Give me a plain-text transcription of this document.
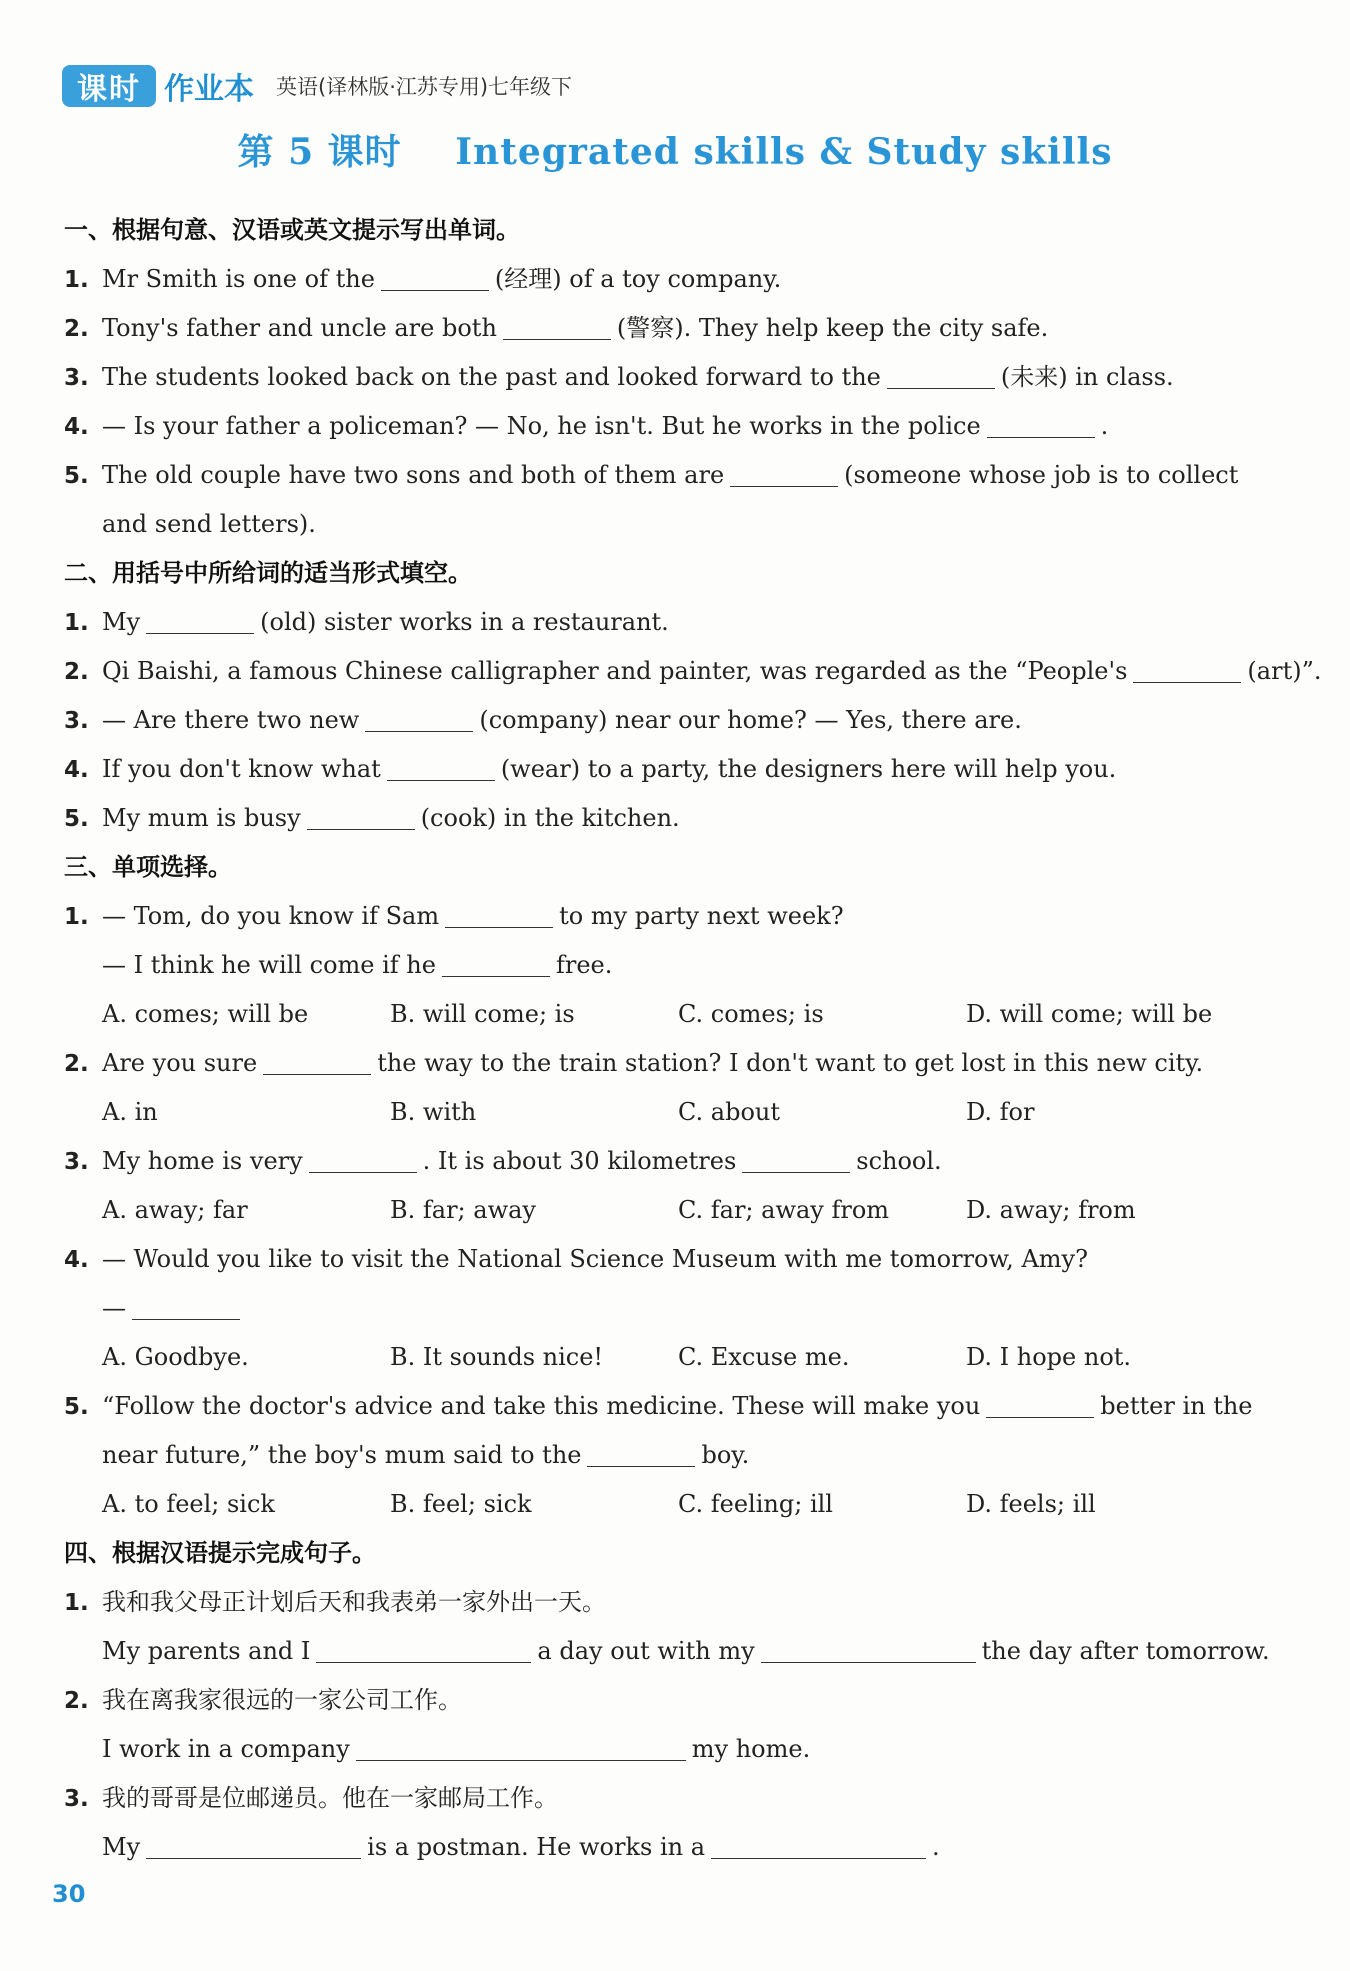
课时 作业本 英语(译林版·江苏专用)七年级下
第 5 课时 Integrated skills & Study skills
一、根据句意、汉语或英文提示写出单词。
1. Mr Smith is one of the	(经理) of a toy company.
2. Tony's father and uncle are both	(警察). They help keep the city safe.
3. The students looked back on the past and looked forward to the	(未来) in class.
4. — Is your father a policeman? — No, he isn't. But he works in the police	.
5. The old couple have two sons and both of them are	(someone whose job is to collect
and send letters).
二、用括号中所给词的适当形式填空。
1. My	(old) sister works in a restaurant.
2. Qi Baishi, a famous Chinese calligrapher and painter, was regarded as the “People's	(art)”.
3. — Are there two new	(company) near our home? — Yes, there are.
4. If you don't know what	(wear) to a party, the designers here will help you.
5. My mum is busy	(cook) in the kitchen.
三、单项选择。
1. — Tom, do you know if Sam	to my party next week?
— I think he will come if he	free.
A. comes; will be	B. will come; is	C. comes; is	D. will come; will be
2. Are you sure	the way to the train station? I don't want to get lost in this new city.
A. in	B. with	C. about	D. for
3. My home is very	. It is about 30 kilometres	school.
A. away; far	B. far; away	C. far; away from	D. away; from
4. — Would you like to visit the National Science Museum with me tomorrow, Amy?
—
A. Goodbye.	B. It sounds nice!	C. Excuse me.	D. I hope not.
5. “Follow the doctor's advice and take this medicine. These will make you	better in the
near future,” the boy's mum said to the	boy.
A. to feel; sick	B. feel; sick	C. feeling; ill	D. feels; ill
四、根据汉语提示完成句子。
1. 我和我父母正计划后天和我表弟一家外出一天。
My parents and I	a day out with my	the day after tomorrow.
2. 我在离我家很远的一家公司工作。
I work in a company	my home.
3. 我的哥哥是位邮递员。他在一家邮局工作。
My	is a postman. He works in a	.
30
